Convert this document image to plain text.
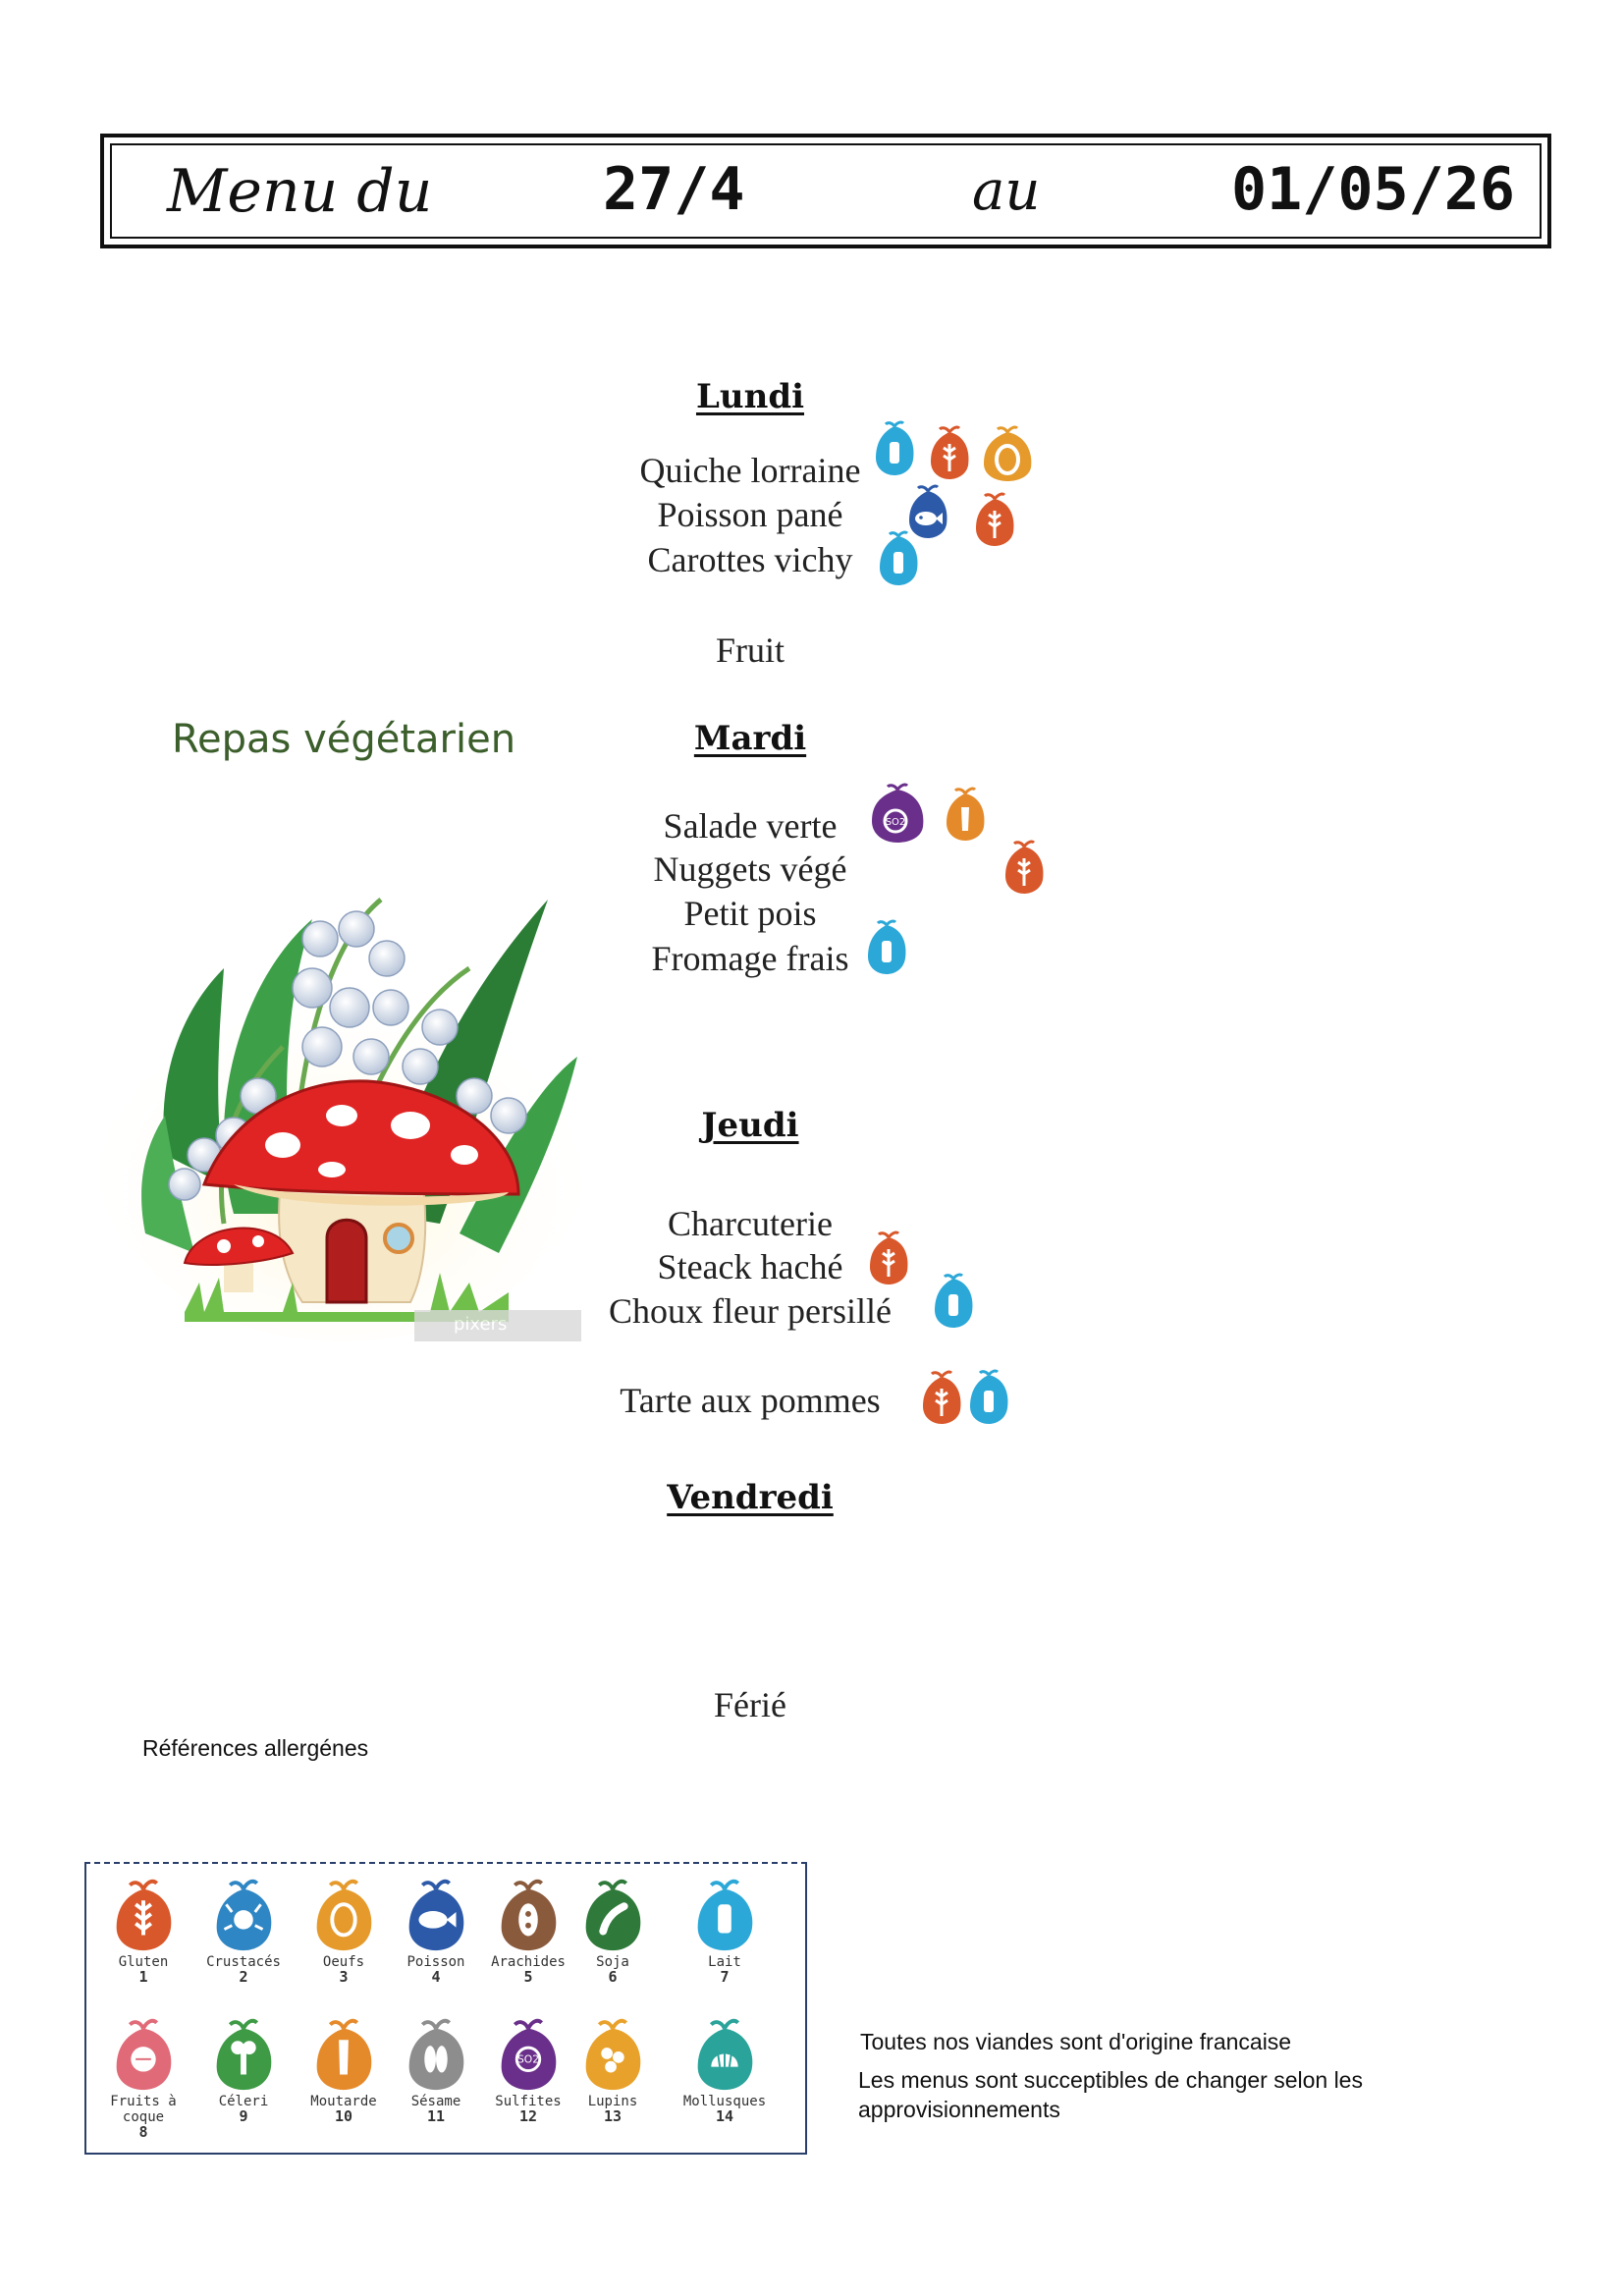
Menu du	27/4	au	01/05/26
Repas végétarien
pixers
Lundi
Quiche lorraine
Poisson pané
Carottes vichy
Fruit
Mardi
Salade verte
Nuggets végé
Petit pois
Fromage frais
Jeudi
Charcuterie
Steack haché
Choux fleur persillé
Tarte aux pommes
Vendredi
Férié
SO2
Références allergénes
Gluten
1
Crustacés
2
Oeufs
3
Poisson
4
Arachides
5
Soja
6
Lait
7
Fruits à coque
8
Céleri
9
Moutarde
10
Sésame
11
SO2
Sulfites
12
Lupins
13
Mollusques
14
Toutes nos viandes sont d'origine francaise
Les menus sont succeptibles de changer selon les approvisionnements
